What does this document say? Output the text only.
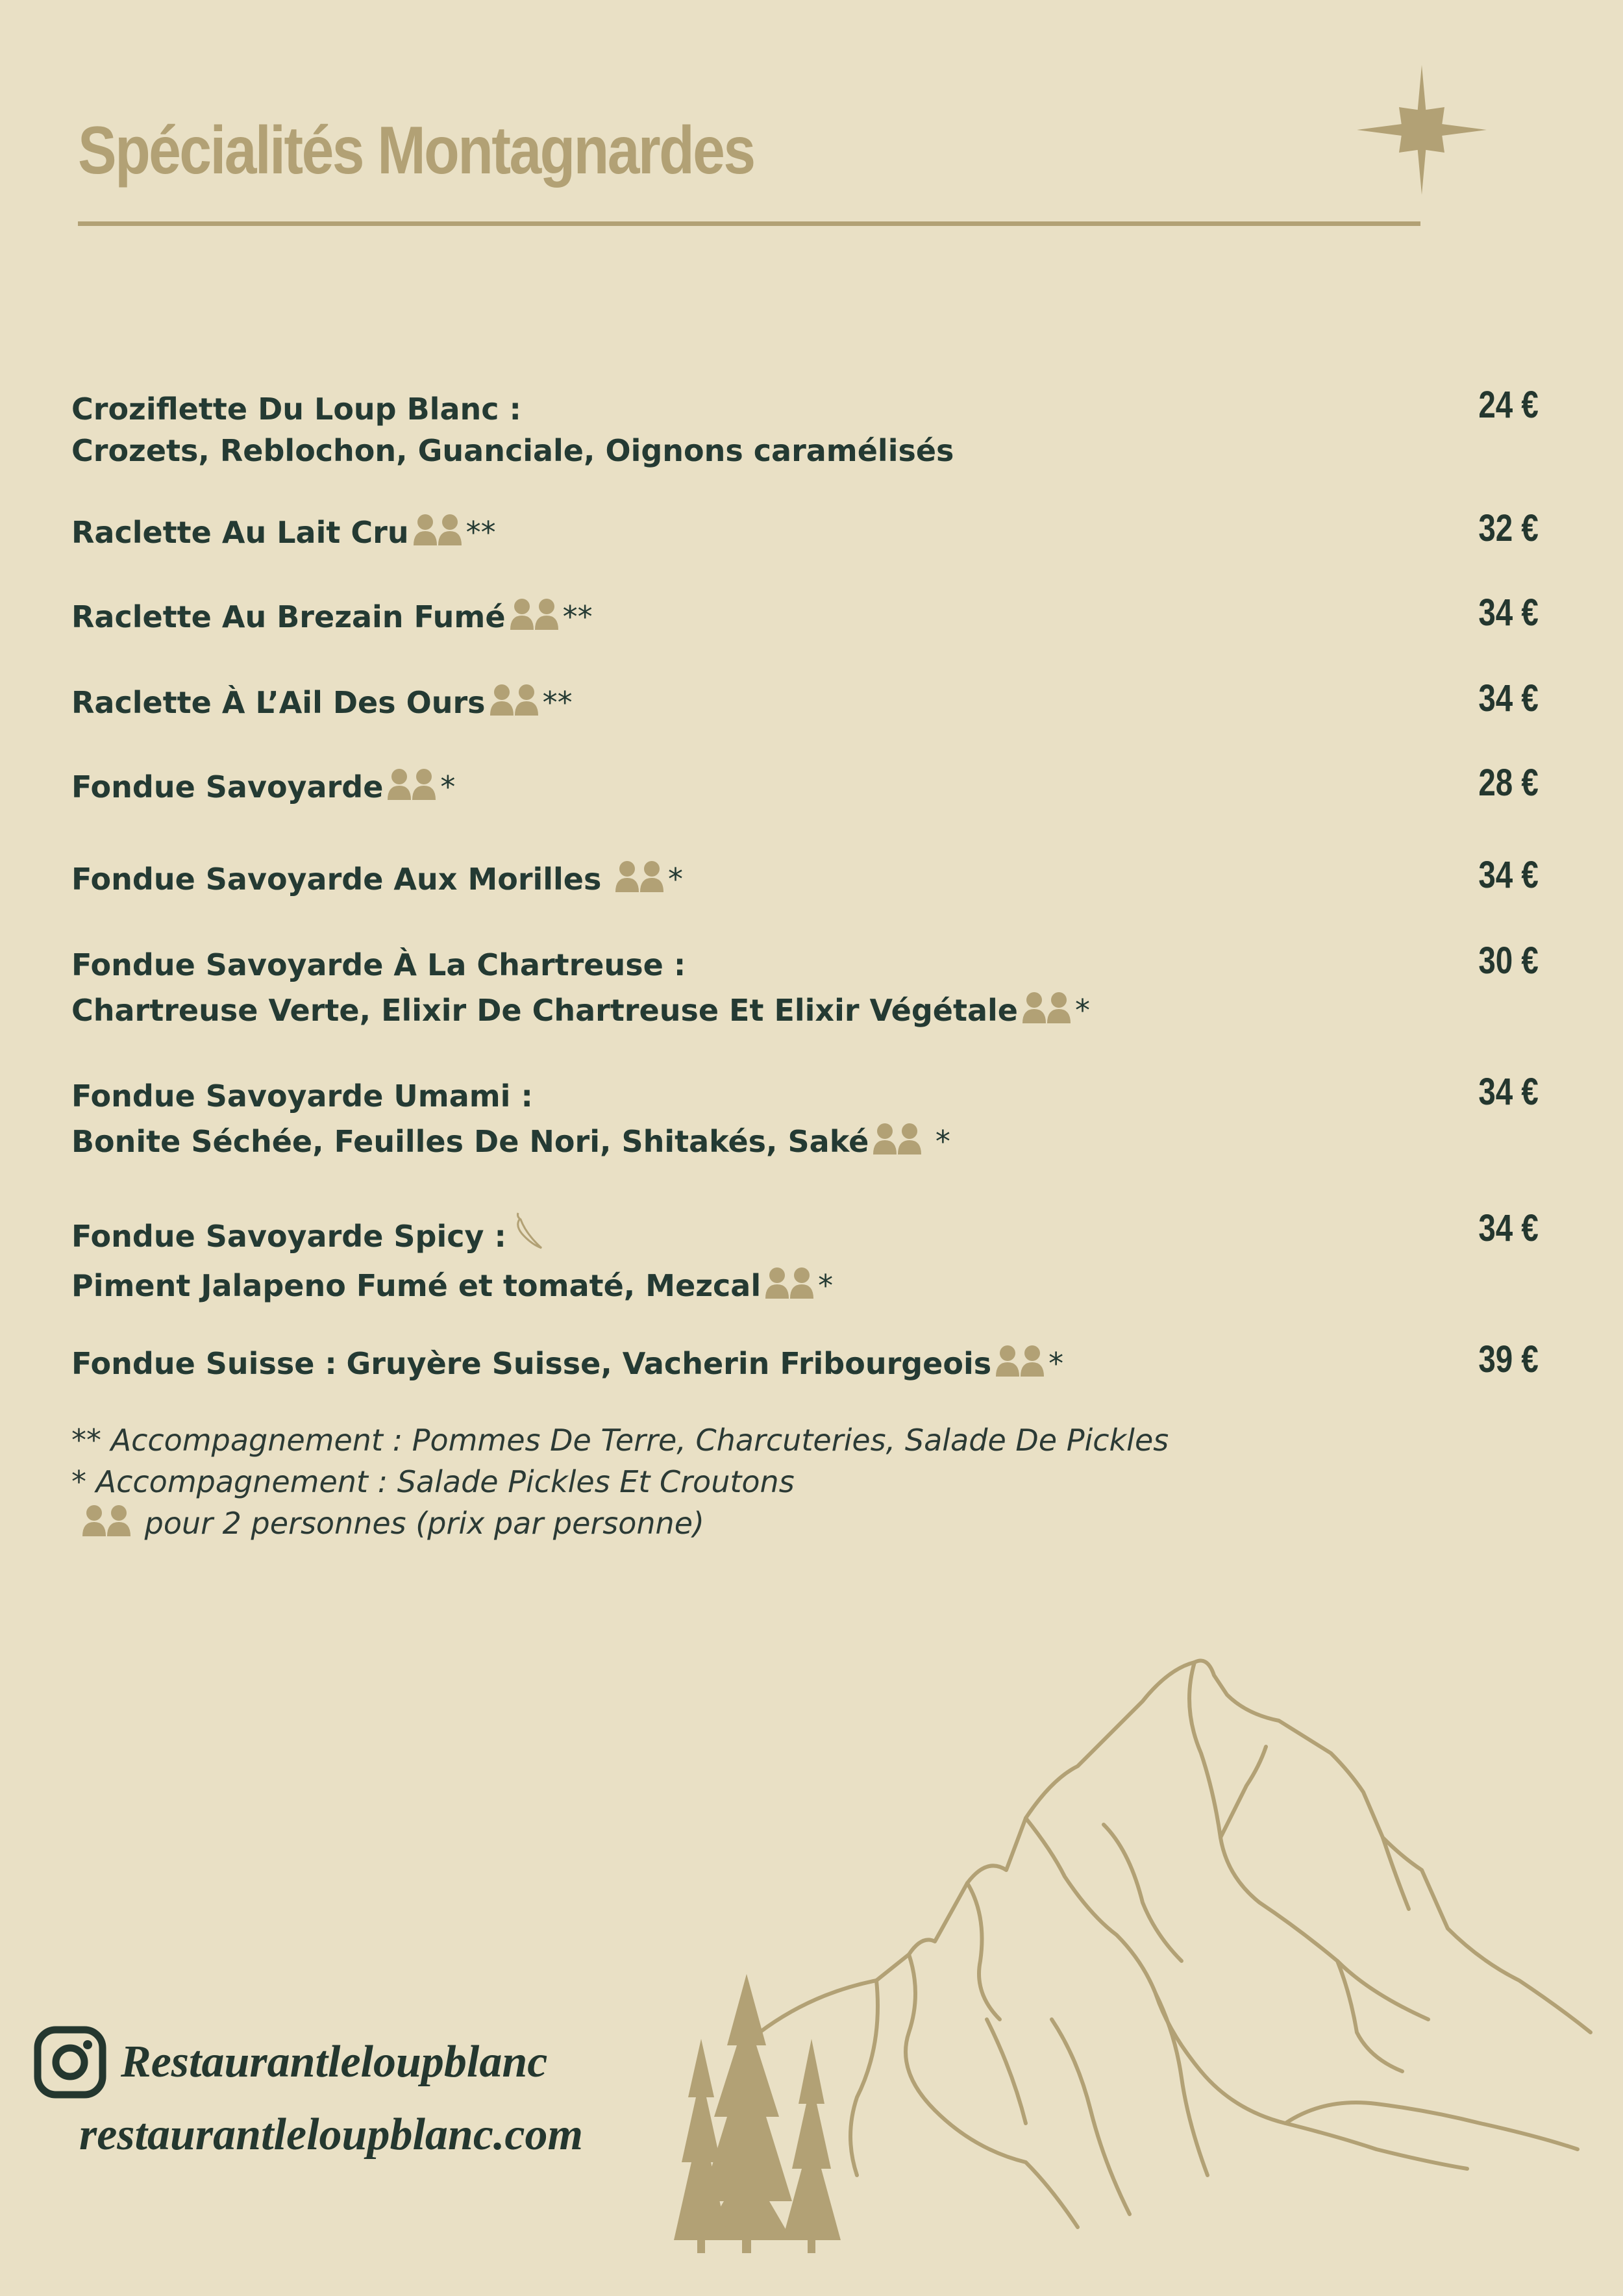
Spécialités Montagnardes
Croziflette Du Loup Blanc :
Crozets, Reblochon, Guanciale, Oignons caramélisés
24 €
Raclette Au Lait Cru **	32 €
Raclette Au Brezain Fumé **	34 €
Raclette À L’Ail Des Ours **	34 €
Fondue Savoyarde *	28 €
Fondue Savoyarde Aux Morilles *	34 €
Fondue Savoyarde À La Chartreuse :
Chartreuse Verte, Elixir De Chartreuse Et Elixir Végétale *
30 €
Fondue Savoyarde Umami :
Bonite Séchée, Feuilles De Nori, Shitakés, Saké *
34 €
Fondue Savoyarde Spicy :
Piment Jalapeno Fumé et tomaté, Mezcal *
34 €
Fondue Suisse : Gruyère Suisse, Vacherin Fribourgeois *	39 €
** Accompagnement : Pommes De Terre, Charcuteries, Salade De Pickles
* Accompagnement : Salade Pickles Et Croutons
pour 2 personnes (prix par personne)
Restaurantleloupblanc
restaurantleloupblanc.com
